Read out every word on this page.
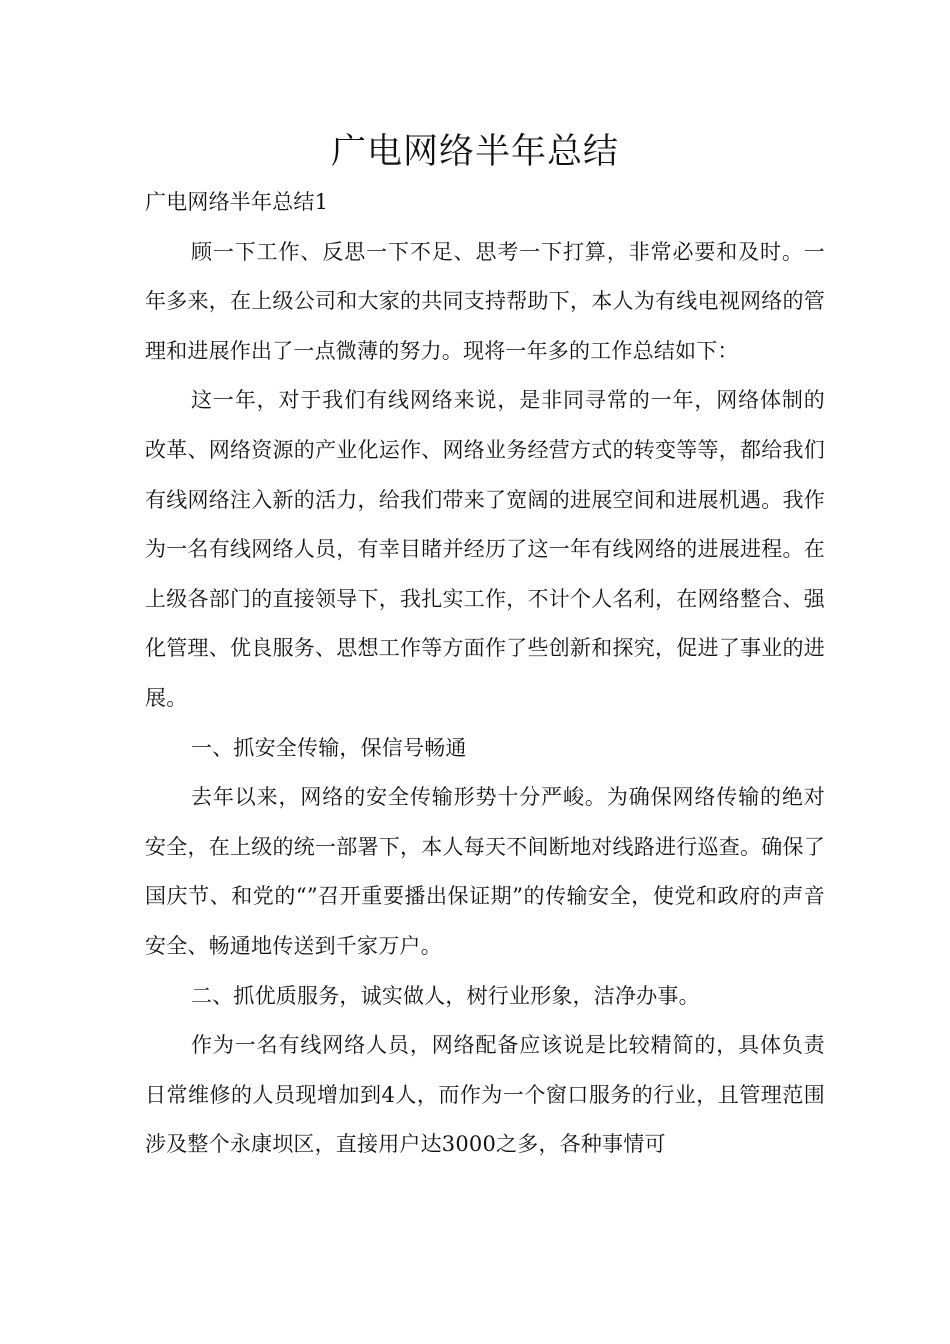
广电网络半年总结

广电网络半年总结1

顾一下工作、反思一下不足、思考一下打算，非常必要和及时。一年多来，在上级公司和大家的共同支持帮助下，本人为有线电视网络的管理和进展作出了一点微薄的努力。现将一年多的工作总结如下：

这一年，对于我们有线网络来说，是非同寻常的一年，网络体制的改革、网络资源的产业化运作、网络业务经营方式的转变等等，都给我们有线网络注入新的活力，给我们带来了宽阔的进展空间和进展机遇。我作为一名有线网络人员，有幸目睹并经历了这一年有线网络的进展进程。在上级各部门的直接领导下，我扎实工作，不计个人名利，在网络整合、强化管理、优良服务、思想工作等方面作了些创新和探究，促进了事业的进展。

一、抓安全传输，保信号畅通

去年以来，网络的安全传输形势十分严峻。为确保网络传输的绝对安全，在上级的统一部署下，本人每天不间断地对线路进行巡查。确保了国庆节、和党的“”召开重要播出保证期”的传输安全，使党和政府的声音安全、畅通地传送到千家万户。

二、抓优质服务，诚实做人，树行业形象，洁净办事。

作为一名有线网络人员，网络配备应该说是比较精简的，具体负责日常维修的人员现增加到4人，而作为一个窗口服务的行业，且管理范围涉及整个永康坝区，直接用户达3000之多，各种事情可
